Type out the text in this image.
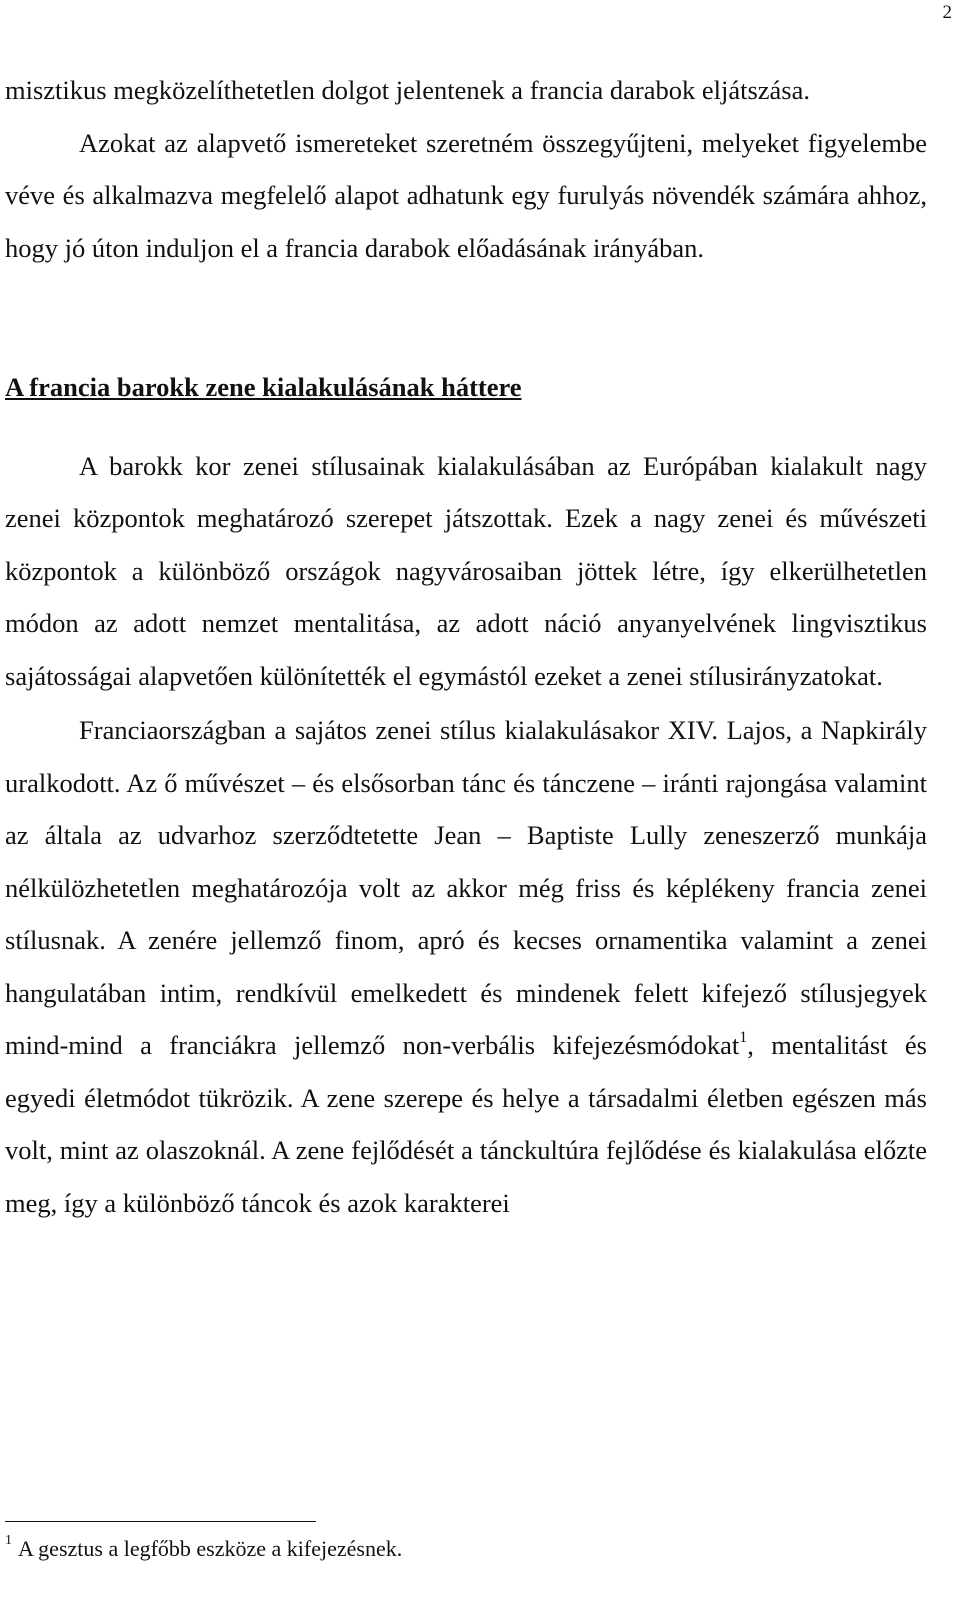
2

misztikus megközelíthetetlen dolgot jelentenek a francia darabok eljátszása.

Azokat az alapvető ismereteket szeretném összegyűjteni, melyeket figyelembe véve és alkalmazva megfelelő alapot adhatunk egy furulyás növendék számára ahhoz, hogy jó úton induljon el a francia darabok előadásának irányában.

A francia barokk zene kialakulásának háttere

A barokk kor zenei stílusainak kialakulásában az Európában kialakult nagy zenei központok meghatározó szerepet játszottak. Ezek a nagy zenei és művészeti központok a különböző országok nagyvárosaiban jöttek létre, így elkerülhetetlen módon az adott nemzet mentalitása, az adott náció anyanyelvének lingvisztikus sajátosságai alapvetően különítették el egymástól ezeket a zenei stílusirányzatokat.

Franciaországban a sajátos zenei stílus kialakulásakor XIV. Lajos, a Napkirály uralkodott. Az ő művészet – és elsősorban tánc és tánczene – iránti rajongása valamint az általa az udvarhoz szerződtetette Jean – Baptiste Lully zeneszerző munkája nélkülözhetetlen meghatározója volt az akkor még friss és képlékeny francia zenei stílusnak. A zenére jellemző finom, apró és kecses ornamentika valamint a zenei hangulatában intim, rendkívül emelkedett és mindenek felett kifejező stílusjegyek mind-mind a franciákra jellemző non-verbális kifejezésmódokat$^1$, mentalitást és egyedi életmódot tükrözik. A zene szerepe és helye a társadalmi életben egészen más volt, mint az olaszoknál. A zene fejlődését a tánckultúra fejlődése és kialakulása előzte meg, így a különböző táncok és azok karakterei

$^1$ A gesztus a legfőbb eszköze a kifejezésnek.
